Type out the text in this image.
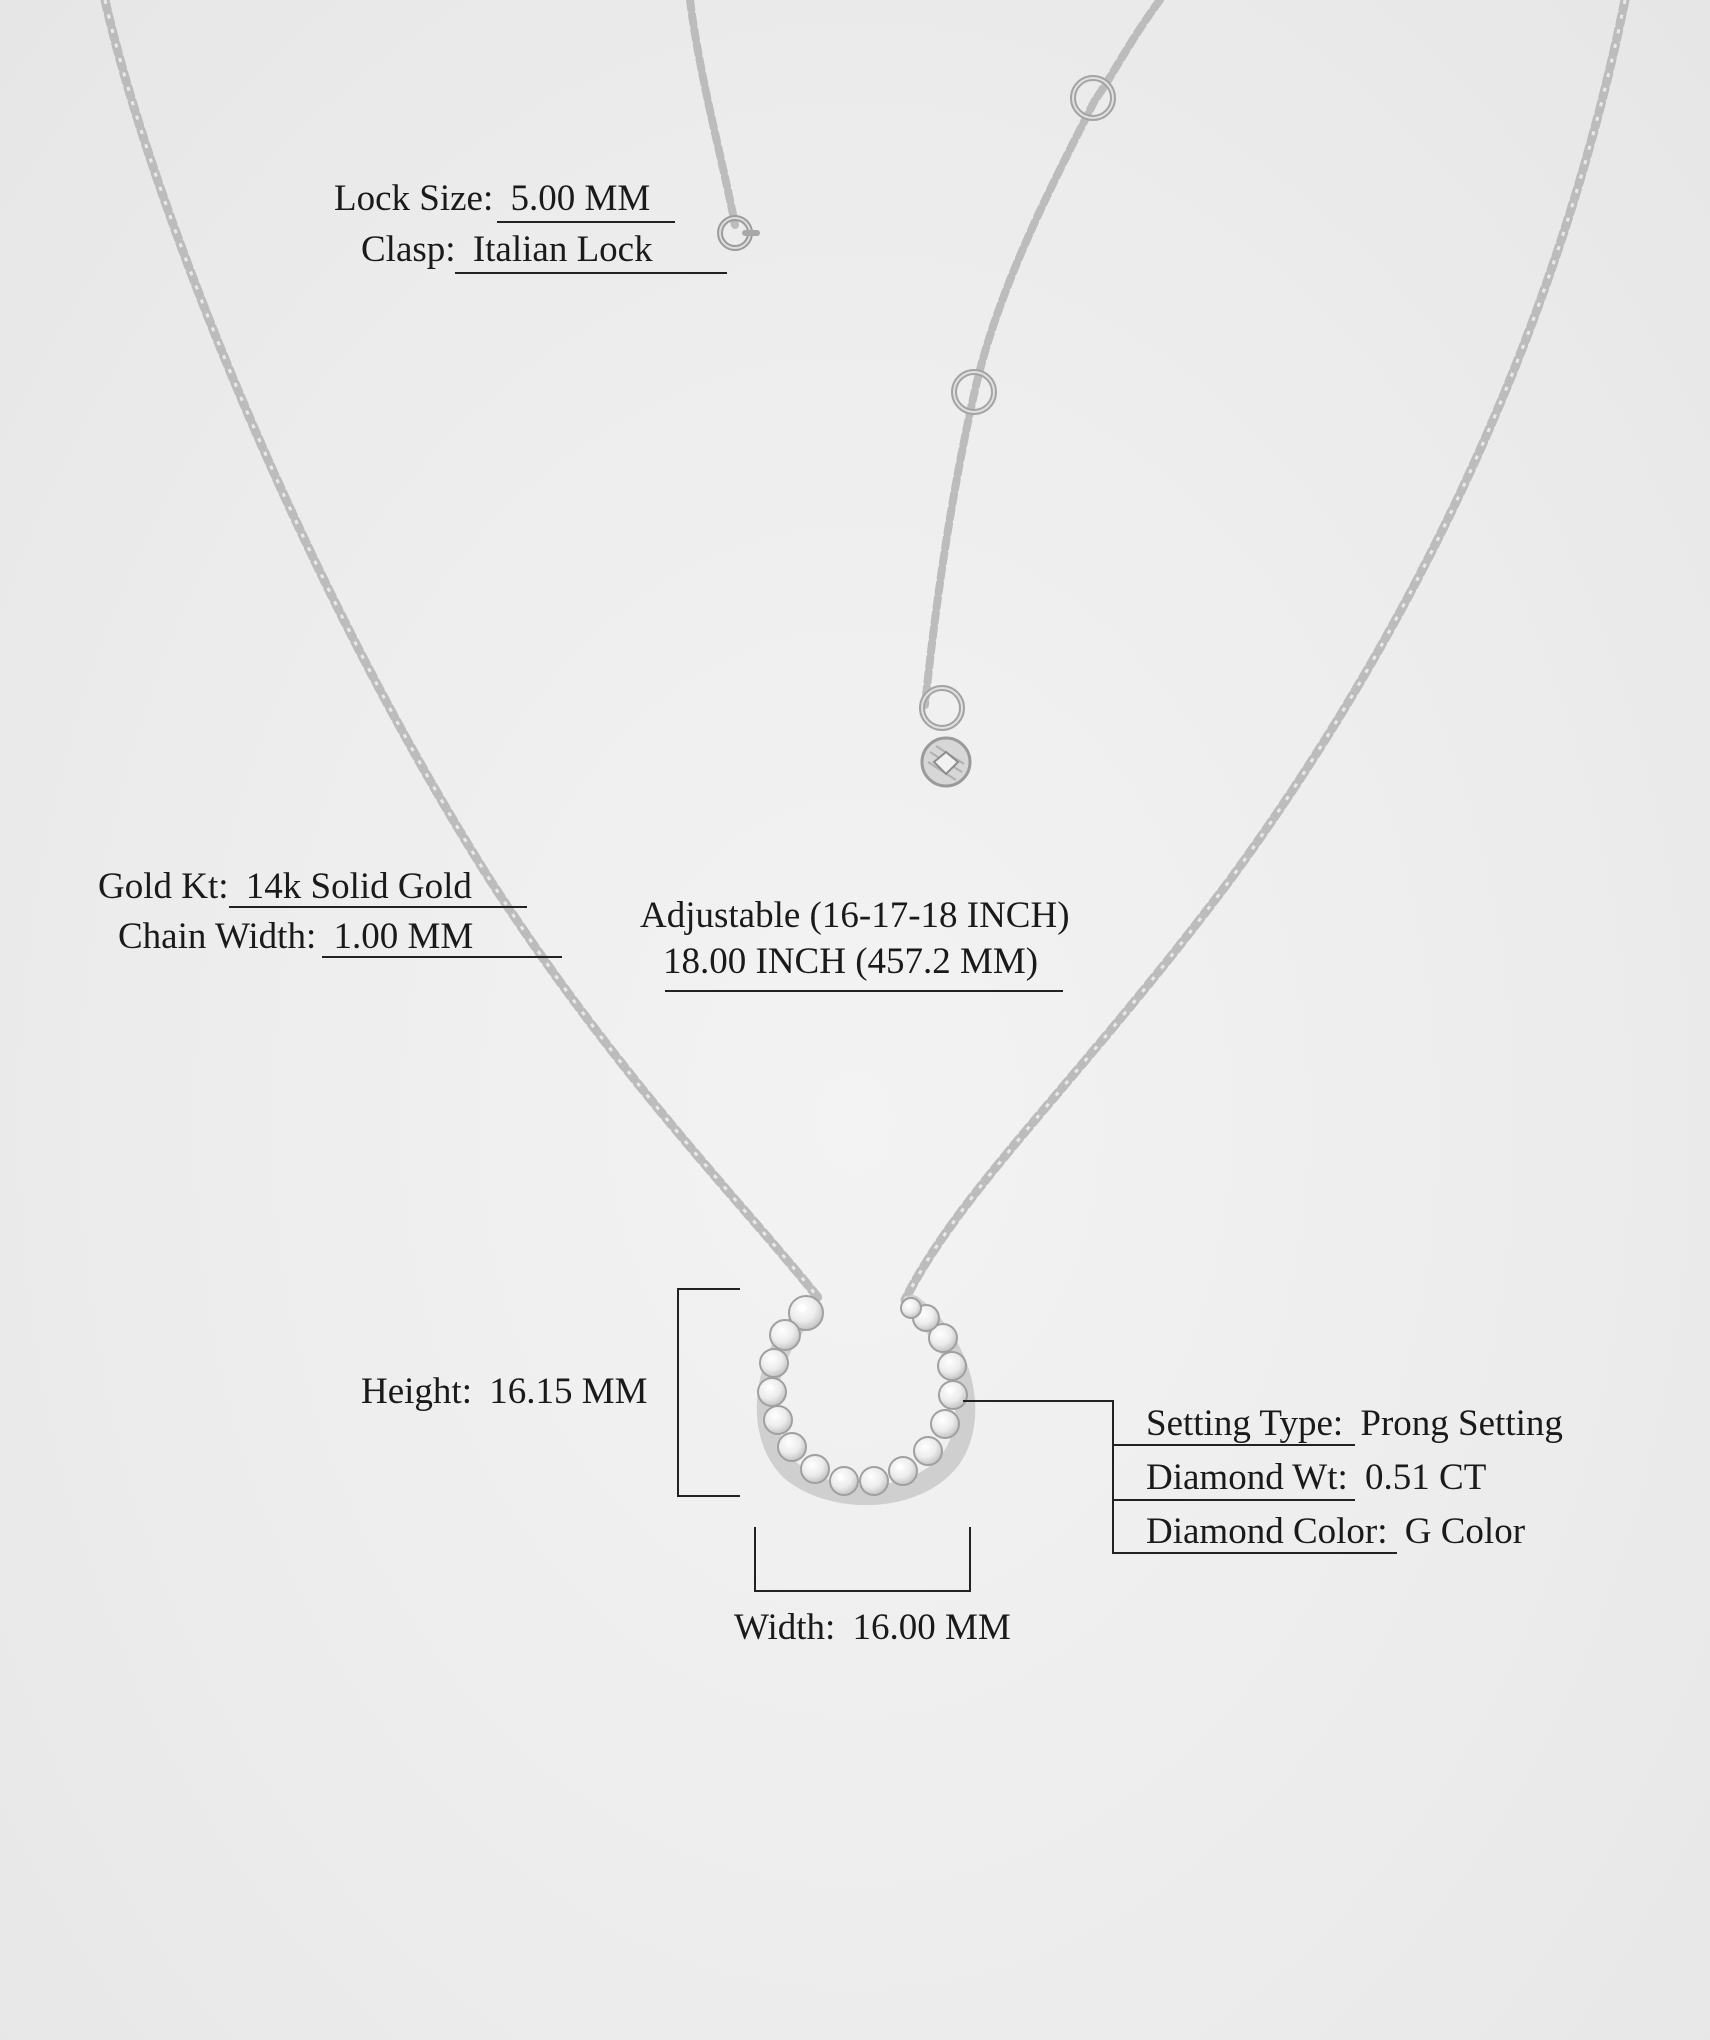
Lock Size: 5.00 MM
Clasp: Italian Lock
Gold Kt: 14k Solid Gold
Chain Width: 1.00 MM
Adjustable (16-17-18 INCH)
18.00 INCH (457.2 MM)
Height: 16.15 MM
Width: 16.00 MM
Setting Type: Prong Setting
Diamond Wt: 0.51 CT
Diamond Color: G Color
